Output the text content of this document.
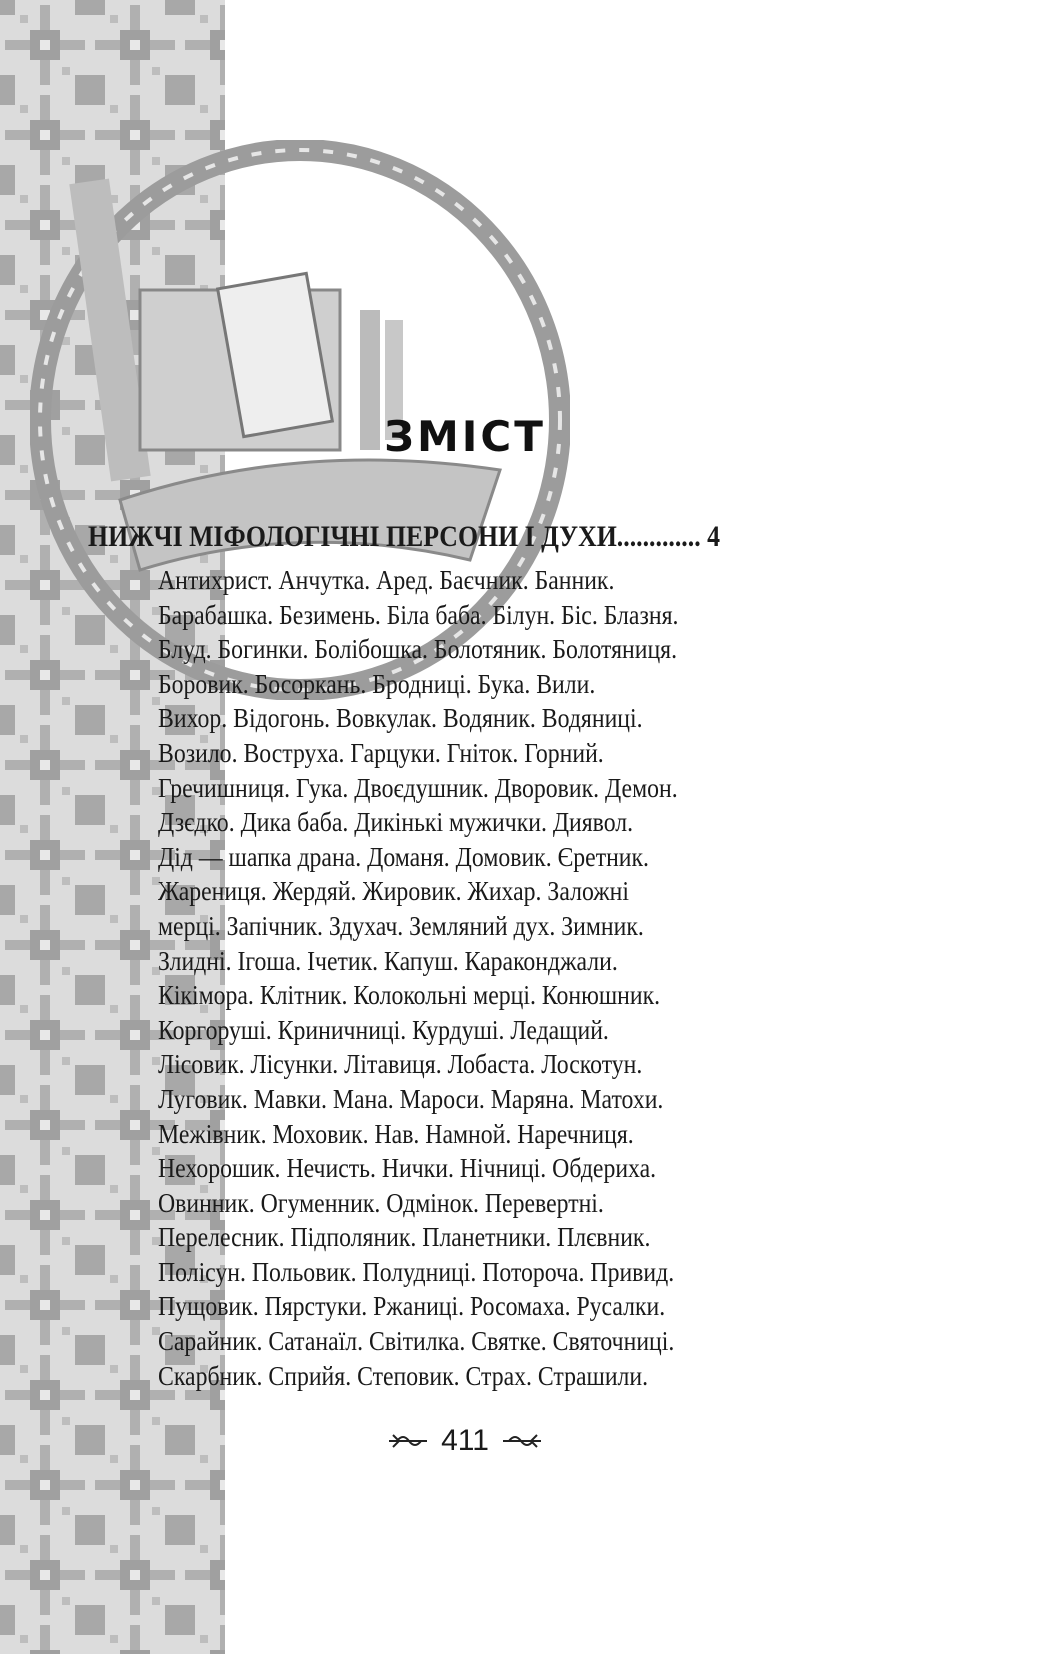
ЗМІСТ
НИЖЧІ МІФОЛОГІЧНІ ПЕРСОНИ І ДУХИ............. 4
Антихрист. Анчутка. Аред. Баєчник. Банник.
Барабашка. Безимень. Біла баба. Білун. Біс. Блазня.
Блуд. Богинки. Болібошка. Болотяник. Болотяниця.
Боровик. Босоркань. Бродниці. Бука. Вили.
Вихор. Відогонь. Вовкулак. Водяник. Водяниці.
Возило. Воструха. Гарцуки. Гніток. Горний.
Гречишниця. Гука. Двоєдушник. Дворовик. Демон.
Дзєдко. Дика баба. Дикінькі мужички. Диявол.
Дід — шапка драна. Доманя. Домовик. Єретник.
Жарениця. Жердяй. Жировик. Жихар. Заложні
мерці. Запічник. Здухач. Земляний дух. Зимник.
Злидні. Ігоша. Ічетик. Капуш. Караконджали.
Кікімора. Клітник. Колокольні мерці. Конюшник.
Коргоруші. Криничниці. Курдуші. Ледащий.
Лісовик. Лісунки. Літавиця. Лобаста. Лоскотун.
Луговик. Мавки. Мана. Мароси. Маряна. Матохи.
Межівник. Моховик. Нав. Намной. Наречниця.
Нехорошик. Нечисть. Нички. Нічниці. Обдериха.
Овинник. Огуменник. Одмінок. Перевертні.
Перелесник. Підполяник. Планетники. Плєвник.
Полісун. Польовик. Полудниці. Потороча. Привид.
Пущовик. Пярстуки. Ржаниці. Росомаха. Русалки.
Сарайник. Сатанаїл. Світилка. Святке. Святочниці.
Скарбник. Сприйя. Степовик. Страх. Страшили.
411
